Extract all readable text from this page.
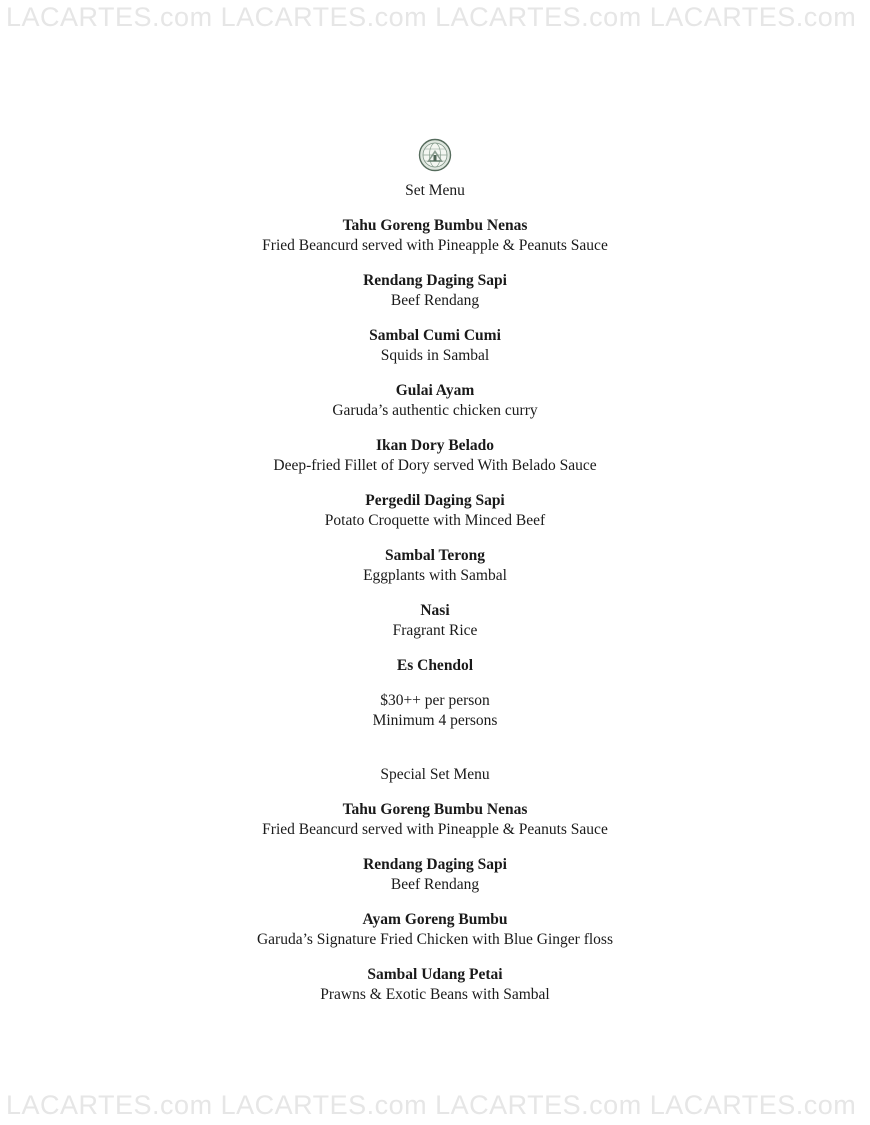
LACARTES.com LACARTES.com LACARTES.com LACARTES.com
Set Menu
Tahu Goreng Bumbu Nenas
Fried Beancurd served with Pineapple & Peanuts Sauce
Rendang Daging Sapi
Beef Rendang
Sambal Cumi Cumi
Squids in Sambal
Gulai Ayam
Garuda’s authentic chicken curry
Ikan Dory Belado
Deep-fried Fillet of Dory served With Belado Sauce
Pergedil Daging Sapi
Potato Croquette with Minced Beef
Sambal Terong
Eggplants with Sambal
Nasi
Fragrant Rice
Es Chendol
$30++ per person
Minimum 4 persons
Special Set Menu
Tahu Goreng Bumbu Nenas
Fried Beancurd served with Pineapple & Peanuts Sauce
Rendang Daging Sapi
Beef Rendang
Ayam Goreng Bumbu
Garuda’s Signature Fried Chicken with Blue Ginger floss
Sambal Udang Petai
Prawns & Exotic Beans with Sambal
LACARTES.com LACARTES.com LACARTES.com LACARTES.com
